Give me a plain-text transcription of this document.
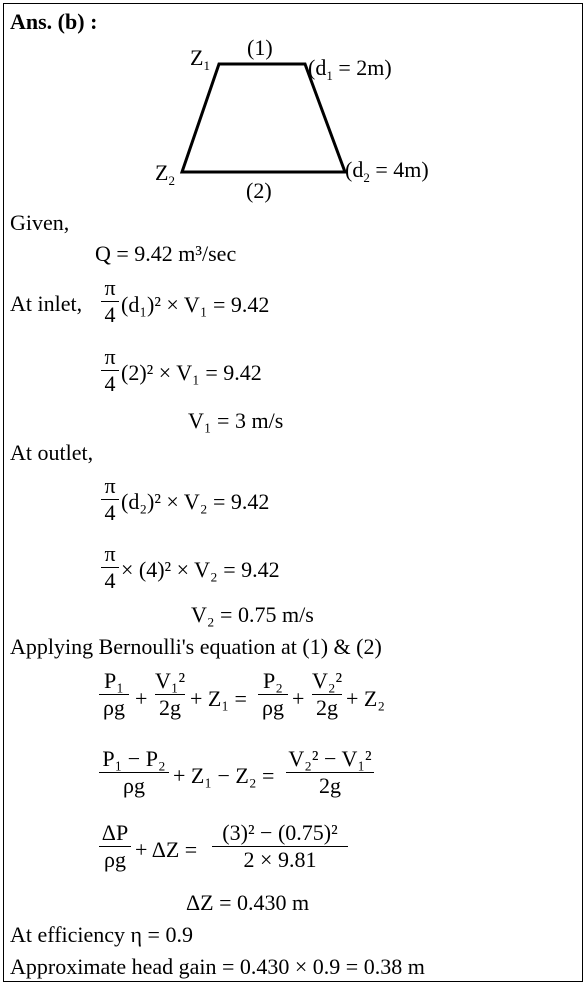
Ans. (b) :
$Z_1$
(1)
$(d_1 = 2m)$
$Z_2$	$(d_2 = 4m)$
(2)
Given,
Q = 9.42 m³/sec
At inlet,
π
4 (d₁)² × V₁ = 9.42
π
4 (2)² × V₁ = 9.42
V₁ = 3 m/s
At outlet,
π
4 (d₂)² × V₂ = 9.42
π
4 × (4)² × V₂ = 9.42
V₂ = 0.75 m/s
Applying Bernoulli's equation at (1) & (2)
P₁
ρg +
V₁²
2g + Z₁ =
P₂
ρg +
V₂²
2g + Z₂
P₁ − P₂
ρg	+ Z₁ − Z₂ =
V₂² − V₁²
2g
ΔP
ρg + ΔZ =
(3)² − (0.75)²
2 × 9.81
ΔZ = 0.430 m
At efficiency η = 0.9
Approximate head gain = 0.430 × 0.9 = 0.38 m
